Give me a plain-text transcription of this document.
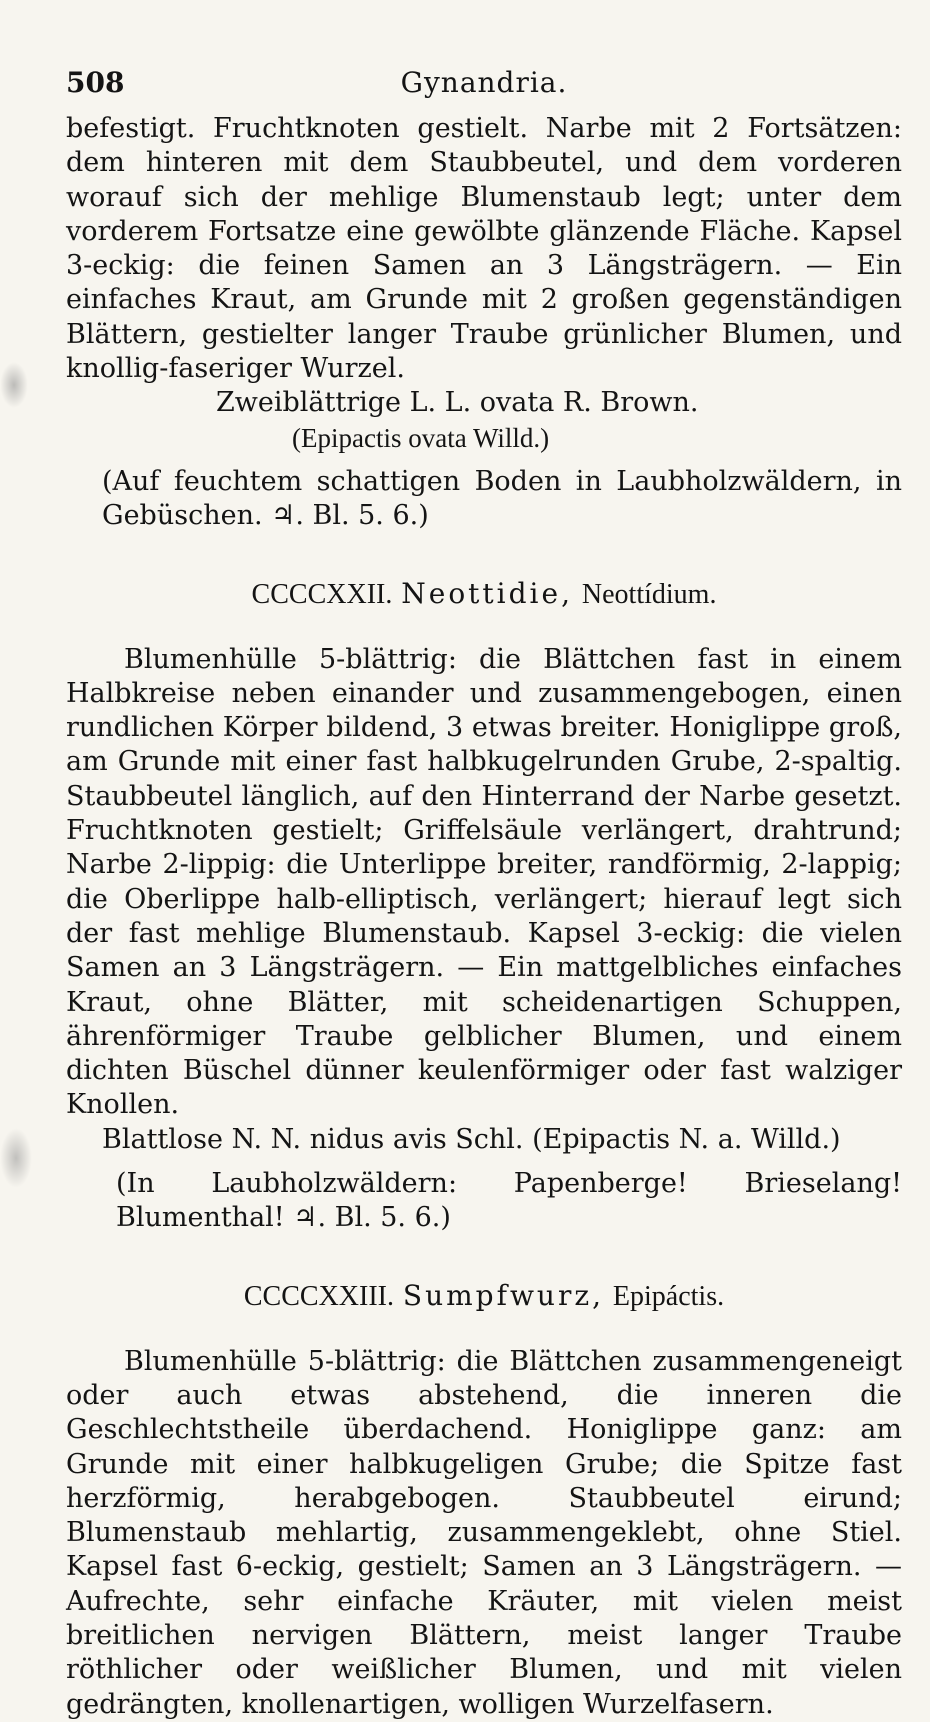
508	Gynandria.

befestigt. Fruchtknoten gestielt. Narbe mit 2 Fortsätzen: dem hinteren mit dem Staubbeutel, und dem vorderen worauf sich der mehlige Blumenstaub legt; unter dem vorderem Fortsatze eine gewölbte glänzende Fläche. Kapsel 3-eckig: die feinen Samen an 3 Längsträgern. — Ein einfaches Kraut, am Grunde mit 2 großen gegenständigen Blättern, gestielter langer Traube grünlicher Blumen, und knollig-faseriger Wurzel.

Zweiblättrige L. L. ovata R. Brown.

(Epipactis ovata Willd.)

(Auf feuchtem schattigen Boden in Laubholzwäldern, in Gebüschen. ♃. Bl. 5. 6.)

CCCCXXII. Neottidie, Neottídium.

Blumenhülle 5-blättrig: die Blättchen fast in einem Halbkreise neben einander und zusammengebogen, einen rundlichen Körper bildend, 3 etwas breiter. Honiglippe groß, am Grunde mit einer fast halbkugelrunden Grube, 2-spaltig. Staubbeutel länglich, auf den Hinterrand der Narbe gesetzt. Fruchtknoten gestielt; Griffelsäule verlängert, drahtrund; Narbe 2-lippig: die Unterlippe breiter, randförmig, 2-lappig; die Oberlippe halb-elliptisch, verlängert; hierauf legt sich der fast mehlige Blumenstaub. Kapsel 3-eckig: die vielen Samen an 3 Längsträgern. — Ein mattgelbliches einfaches Kraut, ohne Blätter, mit scheidenartigen Schuppen, ährenförmiger Traube gelblicher Blumen, und einem dichten Büschel dünner keulenförmiger oder fast walziger Knollen.

Blattlose N. N. nidus avis Schl. (Epipactis N. a. Willd.)

(In Laubholzwäldern: Papenberge! Brieselang! Blumenthal! ♃. Bl. 5. 6.)

CCCCXXIII. Sumpfwurz, Epipáctis.

Blumenhülle 5-blättrig: die Blättchen zusammengeneigt oder auch etwas abstehend, die inneren die Geschlechtstheile überdachend. Honiglippe ganz: am Grunde mit einer halbkugeligen Grube; die Spitze fast herzförmig, herabgebogen. Staubbeutel eirund; Blumenstaub mehlartig, zusammengeklebt, ohne Stiel. Kapsel fast 6-eckig, gestielt; Samen an 3 Längsträgern. — Aufrechte, sehr einfache Kräuter, mit vielen meist breitlichen nervigen Blättern, meist langer Traube röthlicher oder weißlicher Blumen, und mit vielen gedrängten, knollenartigen, wolligen Wurzelfasern.
